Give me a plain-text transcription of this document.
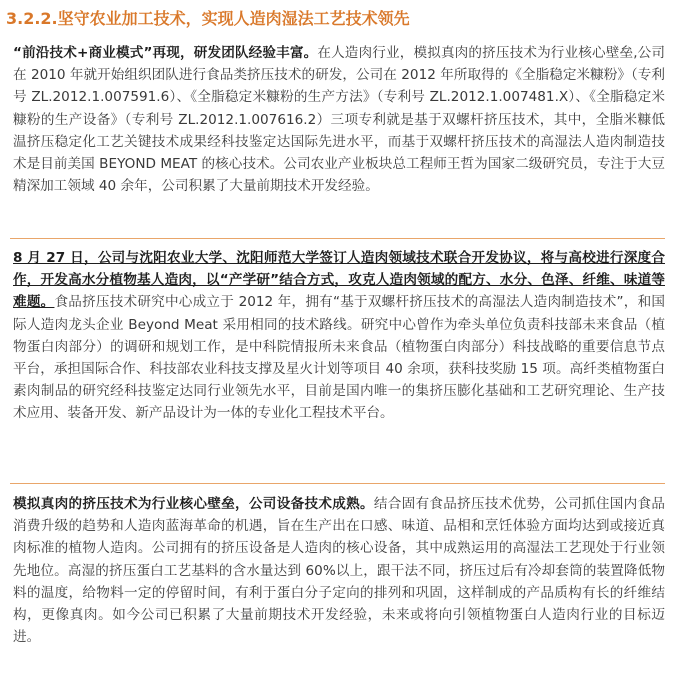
3.2.2.坚守农业加工技术，实现人造肉湿法工艺技术领先
“前沿技术+商业模式”再现，研发团队经验丰富。在人造肉行业，模拟真肉的挤压技术为行业核心壁垒,公司在 2010 年就开始组织团队进行食品类挤压技术的研发，公司在 2012 年所取得的《全脂稳定米糠粉》（专利号 ZL.2012.1.007591.6）、《全脂稳定米糠粉的生产方法》（专利号 ZL.2012.1.007481.X）、《全脂稳定米糠粉的生产设备》（专利号 ZL.2012.1.007616.2）三项专利就是基于双螺杆挤压技术，其中，全脂米糠低温挤压稳定化工艺关键技术成果经科技鉴定达国际先进水平，而基于双螺杆挤压技术的高湿法人造肉制造技术是目前美国 BEYOND MEAT 的核心技术。公司农业产业板块总工程师王哲为国家二级研究员，专注于大豆精深加工领域 40 余年，公司积累了大量前期技术开发经验。
8 月 27 日，公司与沈阳农业大学、沈阳师范大学签订人造肉领域技术联合开发协议，将与高校进行深度合作，开发高水分植物基人造肉，以“产学研”结合方式，攻克人造肉领域的配方、水分、色泽、纤维、味道等难题。食品挤压技术研究中心成立于 2012 年，拥有“基于双螺杆挤压技术的高湿法人造肉制造技术”，和国际人造肉龙头企业 Beyond Meat 采用相同的技术路线。研究中心曾作为牵头单位负责科技部未来食品（植物蛋白肉部分）的调研和规划工作，是中科院情报所未来食品（植物蛋白肉部分）科技战略的重要信息节点平台，承担国际合作、科技部农业科技支撑及星火计划等项目 40 余项，获科技奖励 15 项。高纤类植物蛋白素肉制品的研究经科技鉴定达同行业领先水平，目前是国内唯一的集挤压膨化基础和工艺研究理论、生产技术应用、装备开发、新产品设计为一体的专业化工程技术平台。
模拟真肉的挤压技术为行业核心壁垒，公司设备技术成熟。结合固有食品挤压技术优势，公司抓住国内食品消费升级的趋势和人造肉蓝海革命的机遇，旨在生产出在口感、味道、品相和烹饪体验方面均达到或接近真肉标准的植物人造肉。公司拥有的挤压设备是人造肉的核心设备，其中成熟运用的高湿法工艺现处于行业领先地位。高湿的挤压蛋白工艺基料的含水量达到 60%以上，跟干法不同，挤压过后有冷却套筒的装置降低物料的温度，给物料一定的停留时间，有利于蛋白分子定向的排列和巩固，这样制成的产品质构有长的纤维结构，更像真肉。如今公司已积累了大量前期技术开发经验，未来或将向引领植物蛋白人造肉行业的目标迈进。
